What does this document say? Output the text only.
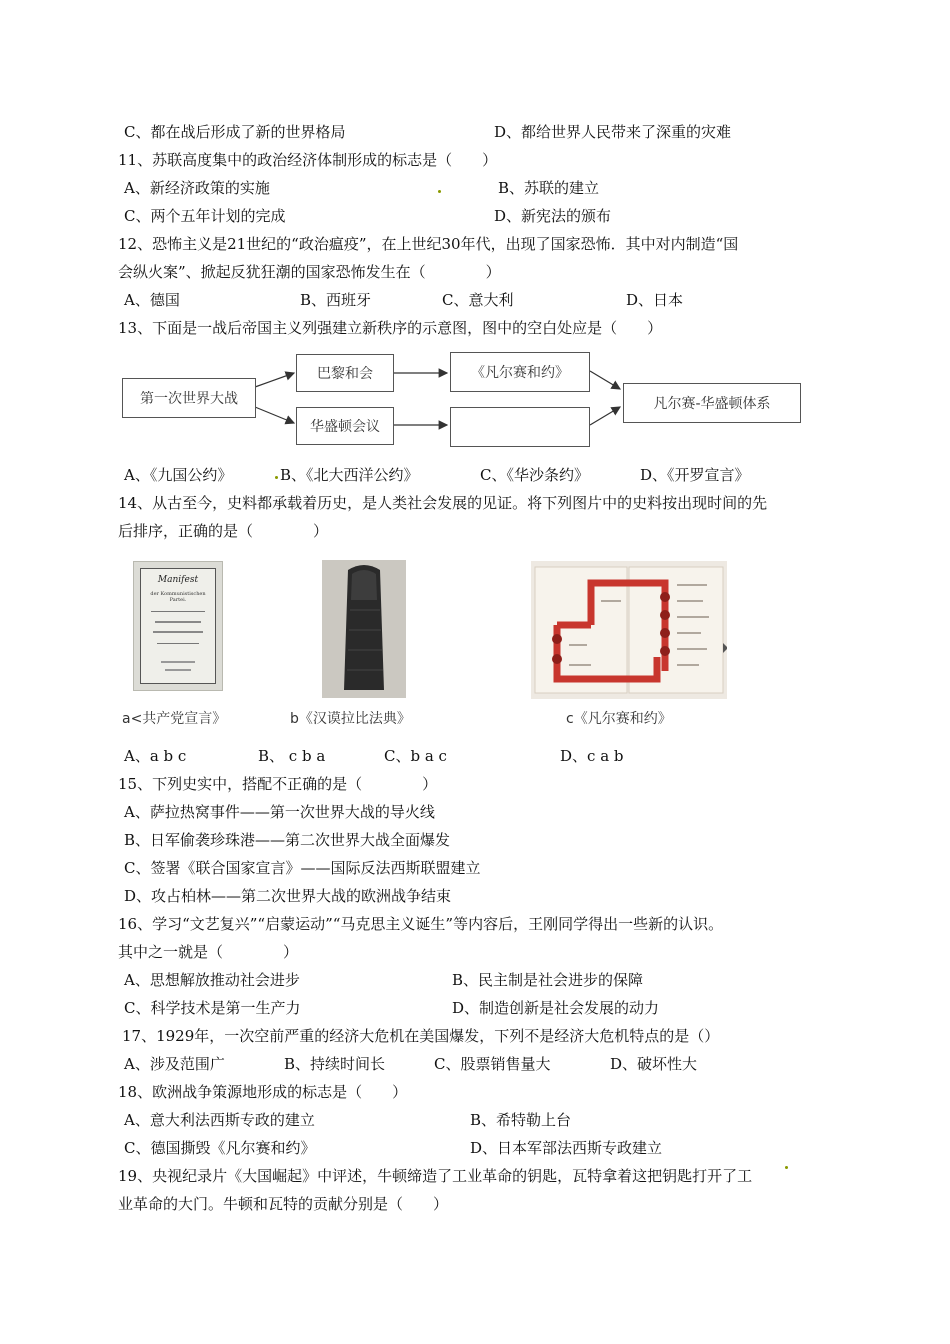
C、都在战后形成了新的世界格局	D、都给世界人民带来了深重的灾难
11、苏联高度集中的政治经济体制形成的标志是（　　）
A、新经济政策的实施	B、苏联的建立
C、两个五年计划的完成	D、新宪法的颁布
12、恐怖主义是21世纪的“政治瘟疫”，在上世纪30年代，出现了国家恐怖．其中对内制造“国
会纵火案”、掀起反犹狂潮的国家恐怖发生在（　　　　）
A、德国	B、西班牙	C、意大利	D、日本
13、下面是一战后帝国主义列强建立新秩序的示意图，图中的空白处应是（　　）
第一次世界大战
巴黎和会	《凡尔赛和约》
华盛顿会议
凡尔赛-华盛顿体系
A、《九国公约》	B、《北大西洋公约》	C、《华沙条约》	D、《开罗宣言》
14、从古至今，史料都承载着历史，是人类社会发展的见证。将下列图片中的史料按出现时间的先
后排序，正确的是（　　　　）
Manifest
der Kommunistischen Partei.
a<共产党宣言》	b《汉谟拉比法典》	c《凡尔赛和约》
A、a b c	B、 c b a	C、b a c	D、c a b
15、下列史实中，搭配不正确的是（　　　　）
A、萨拉热窝事件——第一次世界大战的导火线
B、日军偷袭珍珠港——第二次世界大战全面爆发
C、签署《联合国家宣言》——国际反法西斯联盟建立
D、攻占柏林——第二次世界大战的欧洲战争结束
16、学习“文艺复兴”“启蒙运动”“马克思主义诞生”等内容后，王刚同学得出一些新的认识。
其中之一就是（　　　　）
A、思想解放推动社会进步	B、民主制是社会进步的保障
C、科学技术是第一生产力	D、制造创新是社会发展的动力
17、1929年，一次空前严重的经济大危机在美国爆发，下列不是经济大危机特点的是（）
A、涉及范围广	B、持续时间长	C、股票销售量大	D、破坏性大
18、欧洲战争策源地形成的标志是（　　）
A、意大利法西斯专政的建立	B、希特勒上台
C、德国撕毁《凡尔赛和约》	D、日本军部法西斯专政建立
19、央视纪录片《大国崛起》中评述，牛顿缔造了工业革命的钥匙，瓦特拿着这把钥匙打开了工
业革命的大门。牛顿和瓦特的贡献分别是（　　）
